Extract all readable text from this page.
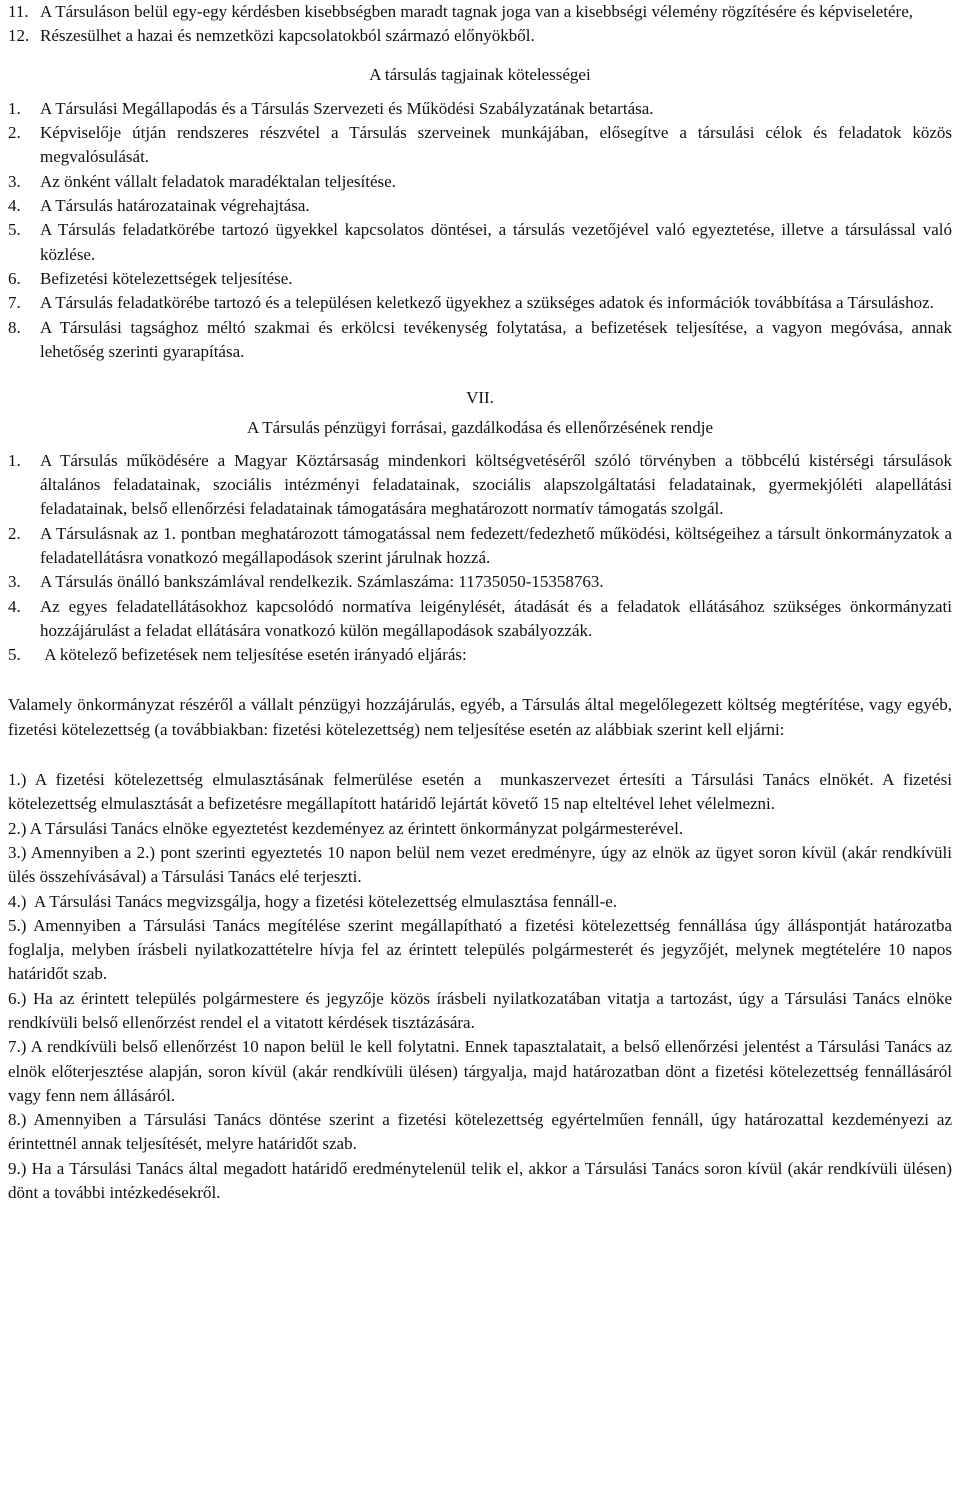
11. A Társuláson belül egy-egy kérdésben kisebbségben maradt tagnak joga van a kisebbségi vélemény rögzítésére és képviseletére,
12. Részesülhet a hazai és nemzetközi kapcsolatokból származó előnyökből.
A társulás tagjainak kötelességei
1.	A Társulási Megállapodás és a Társulás Szervezeti és Működési Szabályzatának betartása.
2.	Képviselője útján rendszeres részvétel a Társulás szerveinek munkájában, elősegítve a társulási célok és feladatok közös megvalósulását.
3.	Az önként vállalt feladatok maradéktalan teljesítése.
4.	A Társulás határozatainak végrehajtása.
5.	A Társulás feladatkörébe tartozó ügyekkel kapcsolatos döntései, a társulás vezetőjével való egyeztetése, illetve a társulással való közlése.
6.	Befizetési kötelezettségek teljesítése.
7.	A Társulás feladatkörébe tartozó és a településen keletkező ügyekhez a szükséges adatok és információk továbbítása a Társuláshoz.
8.	A Társulási tagsághoz méltó szakmai és erkölcsi tevékenység folytatása, a befizetések teljesítése, a vagyon megóvása, annak lehetőség szerinti gyarapítása.
VII.
A Társulás pénzügyi forrásai, gazdálkodása és ellenőrzésének rendje
1.	A Társulás működésére a Magyar Köztársaság mindenkori költségvetéséről szóló törvényben a többcélú kistérségi társulások általános feladatainak, szociális intézményi feladatainak, szociális alapszolgáltatási feladatainak, gyermekjóléti alapellátási feladatainak, belső ellenőrzési feladatainak támogatására meghatározott normatív támogatás szolgál.
2.	A Társulásnak az 1. pontban meghatározott támogatással nem fedezett/fedezhető működési, költségeihez a társult önkormányzatok a feladatellátásra vonatkozó megállapodások szerint járulnak hozzá.
3.	A Társulás önálló bankszámlával rendelkezik. Számlaszáma: 11735050-15358763.
4.	Az egyes feladatellátásokhoz kapcsolódó normatíva leigénylését, átadását és a feladatok ellátásához szükséges önkormányzati hozzájárulást a feladat ellátására vonatkozó külön megállapodások szabályozzák.
5.	A kötelező befizetések nem teljesítése esetén irányadó eljárás:
Valamely önkormányzat részéről a vállalt pénzügyi hozzájárulás, egyéb, a Társulás által megelőlegezett költség megtérítése, vagy egyéb, fizetési kötelezettség (a továbbiakban: fizetési kötelezettség) nem teljesítése esetén az alábbiak szerint kell eljárni:
1.) A fizetési kötelezettség elmulasztásának felmerülése esetén a  munkaszervezet értesíti a Társulási Tanács elnökét. A fizetési kötelezettség elmulasztását a befizetésre megállapított határidő lejártát követő 15 nap elteltével lehet vélelmezni.
2.) A Társulási Tanács elnöke egyeztetést kezdeményez az érintett önkormányzat polgármesterével.
3.) Amennyiben a 2.) pont szerinti egyeztetés 10 napon belül nem vezet eredményre, úgy az elnök az ügyet soron kívül (akár rendkívüli ülés összehívásával) a Társulási Tanács elé terjeszti.
4.)  A Társulási Tanács megvizsgálja, hogy a fizetési kötelezettség elmulasztása fennáll-e.
5.) Amennyiben a Társulási Tanács megítélése szerint megállapítható a fizetési kötelezettség fennállása úgy álláspontját határozatba foglalja, melyben írásbeli nyilatkozattételre hívja fel az érintett település polgármesterét és jegyzőjét, melynek megtételére 10 napos határidőt szab.
6.) Ha az érintett település polgármestere és jegyzője közös írásbeli nyilatkozatában vitatja a tartozást, úgy a Társulási Tanács elnöke rendkívüli belső ellenőrzést rendel el a vitatott kérdések tisztázására.
7.) A rendkívüli belső ellenőrzést 10 napon belül le kell folytatni. Ennek tapasztalatait, a belső ellenőrzési jelentést a Társulási Tanács az elnök előterjesztése alapján, soron kívül (akár rendkívüli ülésen) tárgyalja, majd határozatban dönt a fizetési kötelezettség fennállásáról vagy fenn nem állásáról.
8.) Amennyiben a Társulási Tanács döntése szerint a fizetési kötelezettség egyértelműen fennáll, úgy határozattal kezdeményezi az érintettnél annak teljesítését, melyre határidőt szab.
9.) Ha a Társulási Tanács által megadott határidő eredménytelenül telik el, akkor a Társulási Tanács soron kívül (akár rendkívüli ülésen) dönt a további intézkedésekről.
